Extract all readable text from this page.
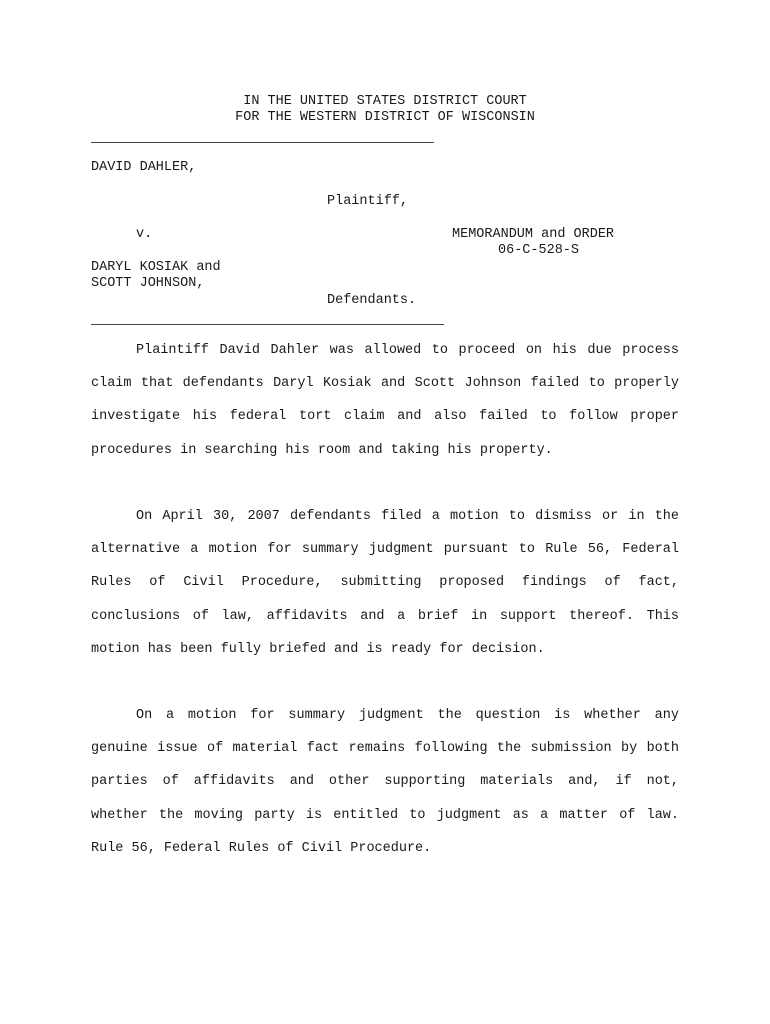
IN THE UNITED STATES DISTRICT COURT
FOR THE WESTERN DISTRICT OF WISCONSIN
DAVID DAHLER,
Plaintiff,
v.	MEMORANDUM and ORDER
06-C-528-S
DARYL KOSIAK and
SCOTT JOHNSON,
Defendants.
Plaintiff David Dahler was allowed to proceed on his due process claim that defendants Daryl Kosiak and Scott Johnson failed to properly investigate his federal tort claim and also failed to follow proper procedures in searching his room and taking his property.
On April 30, 2007 defendants filed a motion to dismiss or in the alternative a motion for summary judgment pursuant to Rule 56, Federal Rules of Civil Procedure, submitting proposed findings of fact, conclusions of law, affidavits and a brief in support thereof. This motion has been fully briefed and is ready for decision.
On a motion for summary judgment the question is whether any genuine issue of material fact remains following the submission by both parties of affidavits and other supporting materials and, if not, whether the moving party is entitled to judgment as a matter of law. Rule 56, Federal Rules of Civil Procedure.
